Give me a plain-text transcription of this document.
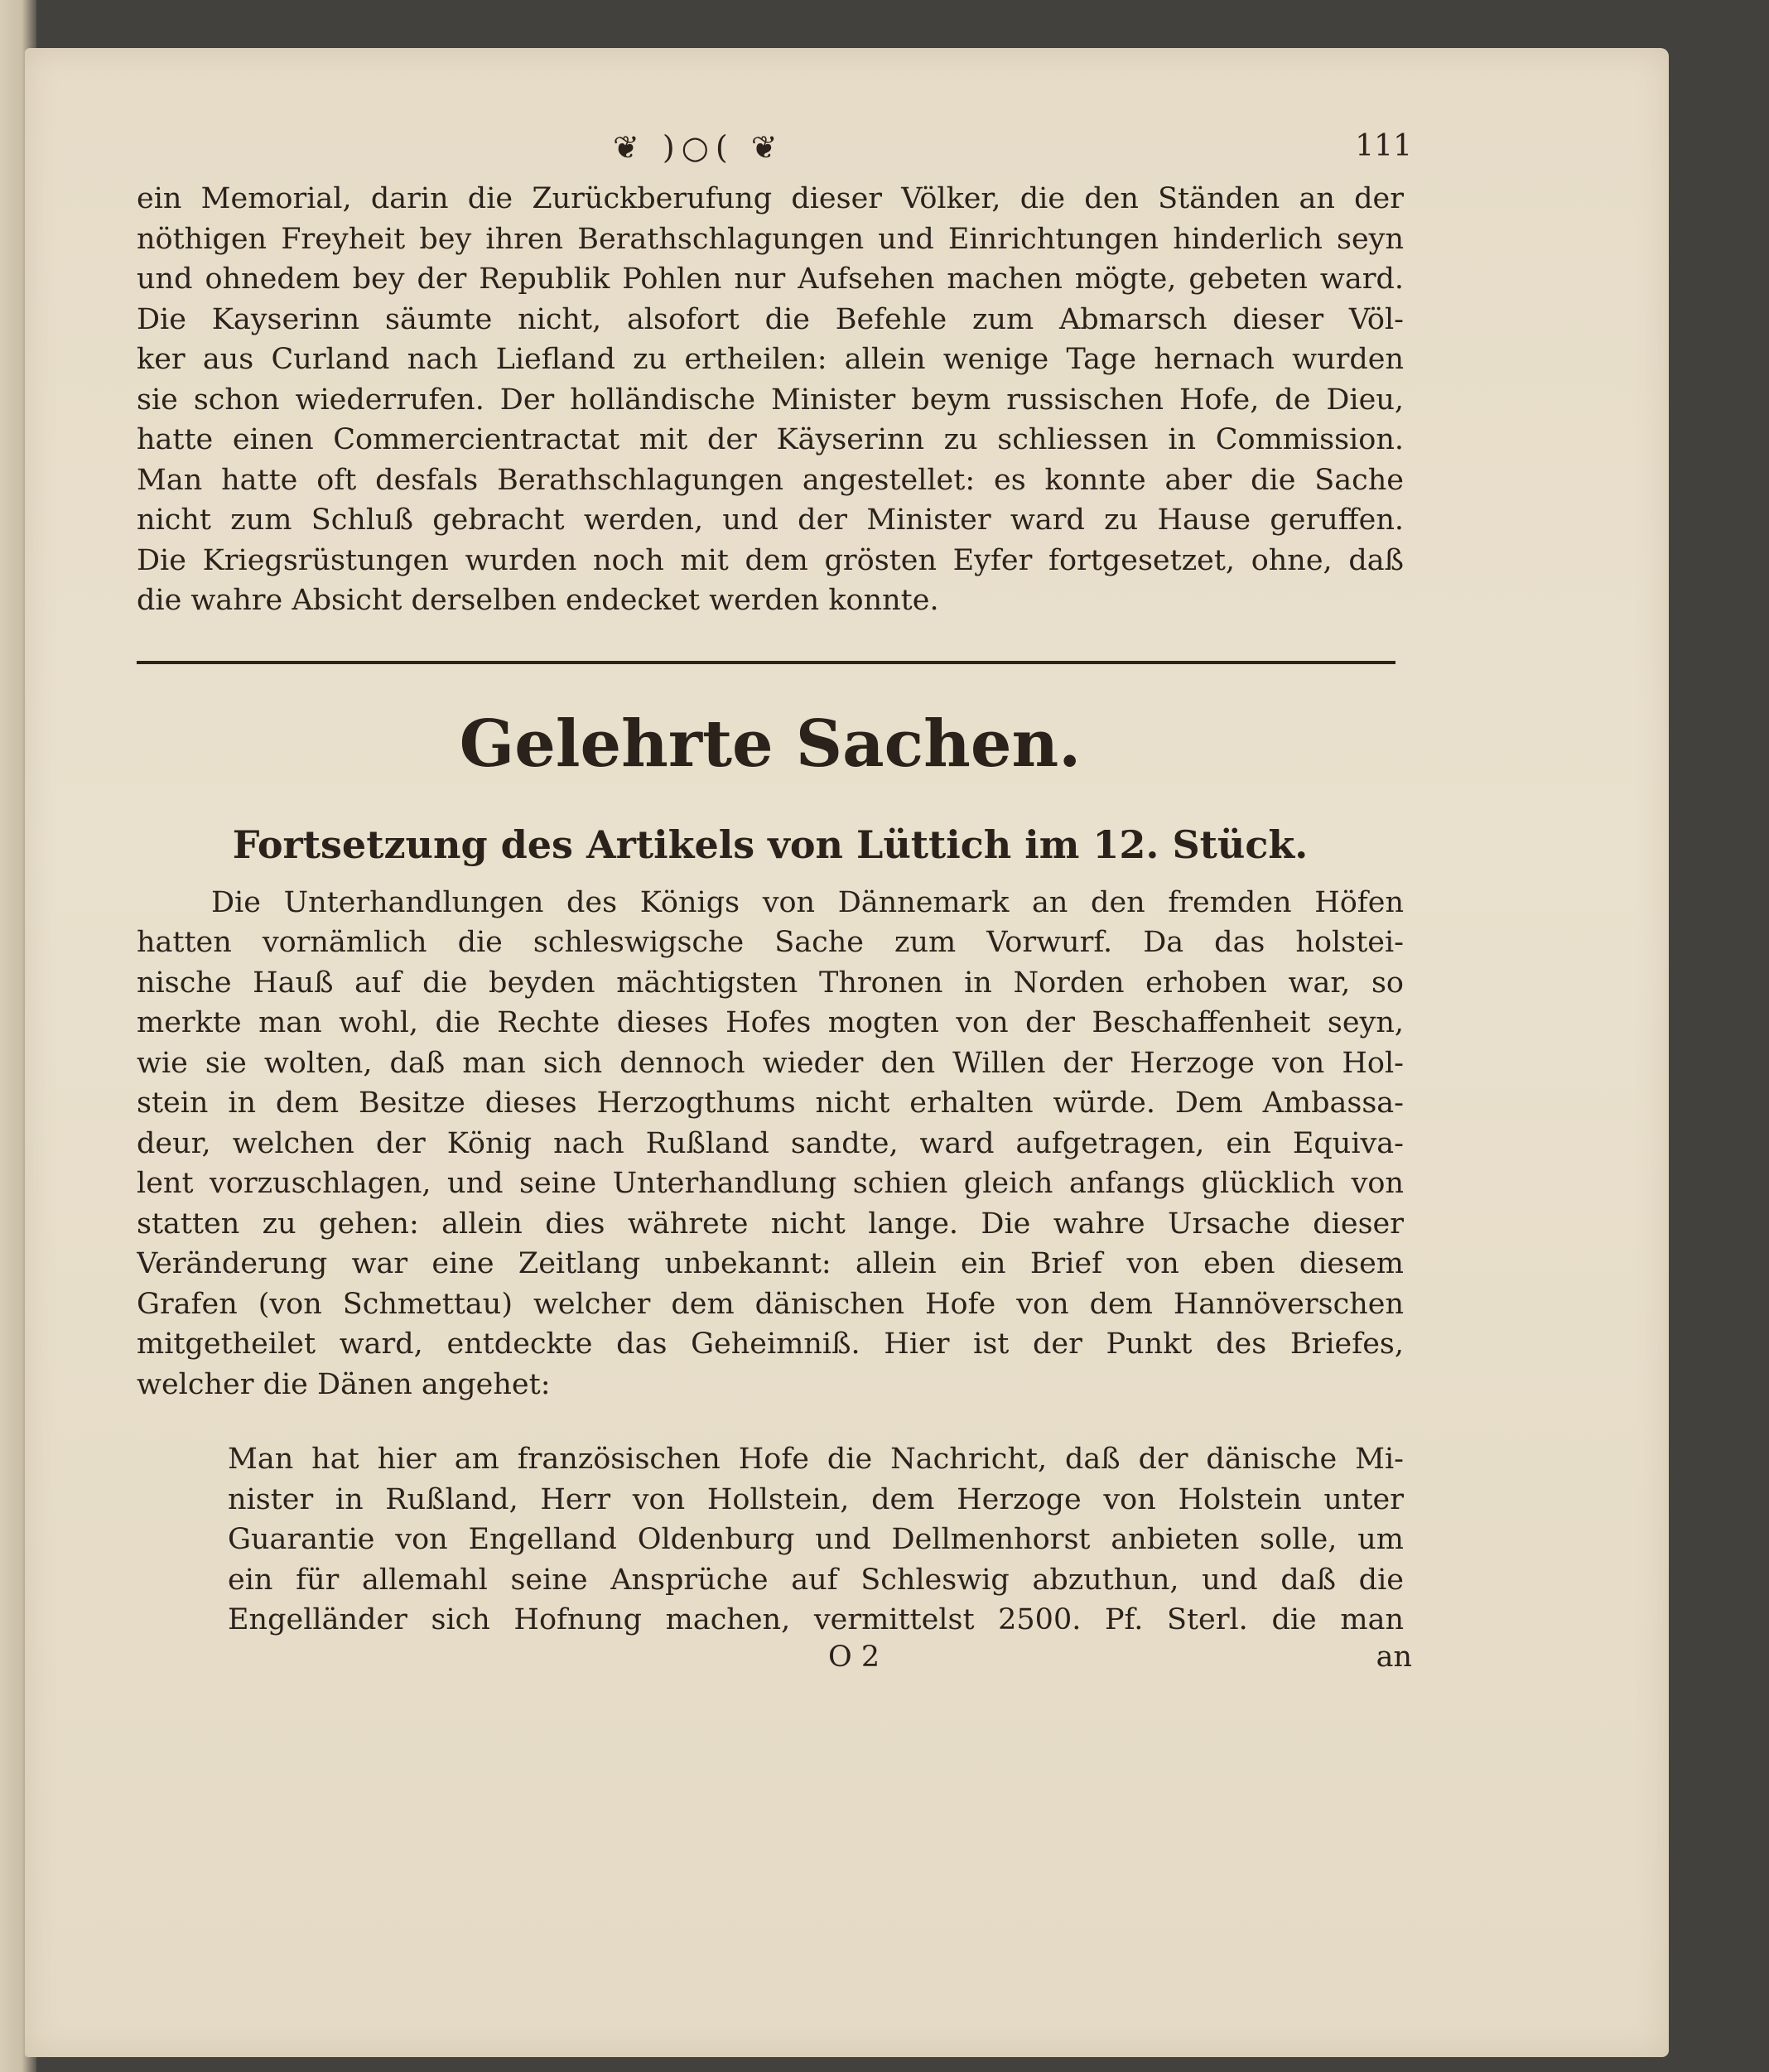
❦ )○( ❦	111
ein Memorial, darin die Zurückberufung dieser Völker, die den Ständen an der
nöthigen Freyheit bey ihren Berathschlagungen und Einrichtungen hinderlich seyn
und ohnedem bey der Republik Pohlen nur Aufsehen machen mögte, gebeten ward.
Die Kayserinn säumte nicht, alsofort die Befehle zum Abmarsch dieser Völ-
ker aus Curland nach Liefland zu ertheilen: allein wenige Tage hernach wurden
sie schon wiederrufen. Der holländische Minister beym russischen Hofe, de Dieu,
hatte einen Commercientractat mit der Käyserinn zu schliessen in Commission.
Man hatte oft desfals Berathschlagungen angestellet: es konnte aber die Sache
nicht zum Schluß gebracht werden, und der Minister ward zu Hause geruffen.
Die Kriegsrüstungen wurden noch mit dem grösten Eyfer fortgesetzet, ohne, daß
die wahre Absicht derselben endecket werden konnte.
Gelehrte Sachen.
Fortsetzung des Artikels von Lüttich im 12. Stück.
Die Unterhandlungen des Königs von Dännemark an den fremden Höfen
hatten vornämlich die schleswigsche Sache zum Vorwurf. Da das holstei-
nische Hauß auf die beyden mächtigsten Thronen in Norden erhoben war, so
merkte man wohl, die Rechte dieses Hofes mogten von der Beschaffenheit seyn,
wie sie wolten, daß man sich dennoch wieder den Willen der Herzoge von Hol-
stein in dem Besitze dieses Herzogthums nicht erhalten würde. Dem Ambassa-
deur, welchen der König nach Rußland sandte, ward aufgetragen, ein Equiva-
lent vorzuschlagen, und seine Unterhandlung schien gleich anfangs glücklich von
statten zu gehen: allein dies währete nicht lange. Die wahre Ursache dieser
Veränderung war eine Zeitlang unbekannt: allein ein Brief von eben diesem
Grafen (von Schmettau) welcher dem dänischen Hofe von dem Hannöverschen
mitgetheilet ward, entdeckte das Geheimniß. Hier ist der Punkt des Briefes,
welcher die Dänen angehet:
Man hat hier am französischen Hofe die Nachricht, daß der dänische Mi-
nister in Rußland, Herr von Hollstein, dem Herzoge von Holstein unter
Guarantie von Engelland Oldenburg und Dellmenhorst anbieten solle, um
ein für allemahl seine Ansprüche auf Schleswig abzuthun, und daß die
Engelländer sich Hofnung machen, vermittelst 2500. Pf. Sterl. die man
O 2	an
